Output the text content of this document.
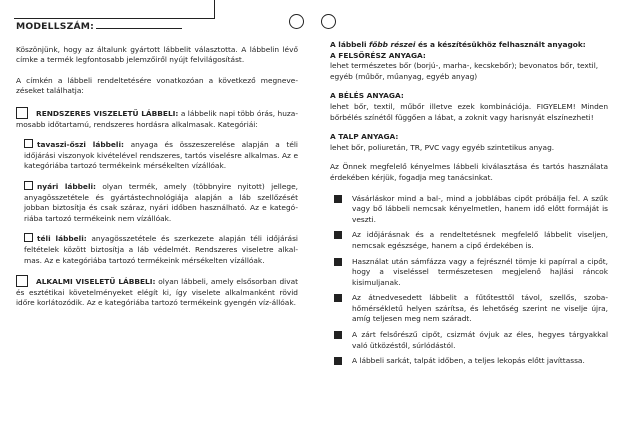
MODELLSZÁM:

Köszönjünk, hogy az általunk gyártott lábbelit választotta. A lábbelin lévő címke a termék legfontosabb jelemzőiről nyújt felvilágosítást.

A címkén a lábbeli rendeltetésére vonatkozóan a következő megneve-zéseket találhatja:

RENDSZERES VISZELETŰ LÁBBELI: a lábbelik napi több órás, huza-mosabb időtartamú, rendszeres hordásra alkalmasak. Kategóriái:
tavaszi-őszi lábbeli: anyaga és összeszerelése alapján a téli időjárási viszonyok kivételével rendszeres, tartós viselésre alkalmas. Az e kategóriába tartozó termékeink mérsékelten vízállóak.
nyári lábbeli: olyan termék, amely (többnyire nyitott) jellege, anyagösszetétele és gyártástechnológiája alapján a láb szellőzését jobban biztosítja és csak száraz, nyári időben használható. Az e kategó-riába tartozó termékeink nem vízállóak.
téli lábbeli: anyagösszetétele és szerkezete alapján téli időjárási feltételek között biztosítja a láb védelmét. Rendszeres viseletre alkal-mas. Az e kategóriába tartozó termékeink mérsékelten vízállóak.
ALKALMI VISELETŰ LÁBBELI: olyan lábbeli, amely elsősorban divat és esztétikai követelményeket elégít ki, így viselete alkalmanként rövid időre korlátozódik. Az e kategóriába tartozó termékeink gyengén víz-állóak.
A lábbeli főbb részei és a készítésükhöz felhasznált anyagok:
A FELSŐRÉSZ ANYAGA:
lehet természetes bőr (borjú-, marha-, kecskebőr); bevonatos bőr, textil, egyéb (műbőr, műanyag, egyéb anyag)
A BÉLÉS ANYAGA:
lehet bőr, textil, műbőr illetve ezek kombinációja. FIGYELEM! Minden bőrbélés színétől függően a lábat, a zoknit vagy harisnyát elszínezheti!
A TALP ANYAGA:
lehet bőr, poliuretán, TR, PVC vagy egyéb szintetikus anyag.

Az Önnek megfelelő kényelmes lábbeli kiválasztása és tartós használata érdekében kérjük, fogadja meg tanácsinkat.

Vásárláskor mind a bal-, mind a jobblábas cipőt próbálja fel. A szűk vagy bő lábbeli nemcsak kényelmetlen, hanem idő előtt formáját is veszti.
Az időjárásnak és a rendeltetésnek megfelelő lábbelit viseljen, nemcsak egészsége, hanem a cipő érdekében is.
Használat után sámfázza vagy a fejrésznél tömje ki papírral a cipőt, hogy a viseléssel természetesen megjelenő hajlási ráncok kisimuljanak.
Az átnedvesedett lábbelit a fűtőtesttől távol, szellős, szoba-hőmérsékletű helyen szárítsa, és lehetőség szerint ne viselje újra, amíg teljesen meg nem száradt.
A zárt felsőrészű cipőt, csizmát óvjuk az éles, hegyes tárgyakkal való ütközéstől, súrlódástól.
A lábbeli sarkát, talpát időben, a teljes lekopás előtt javíttassa.
